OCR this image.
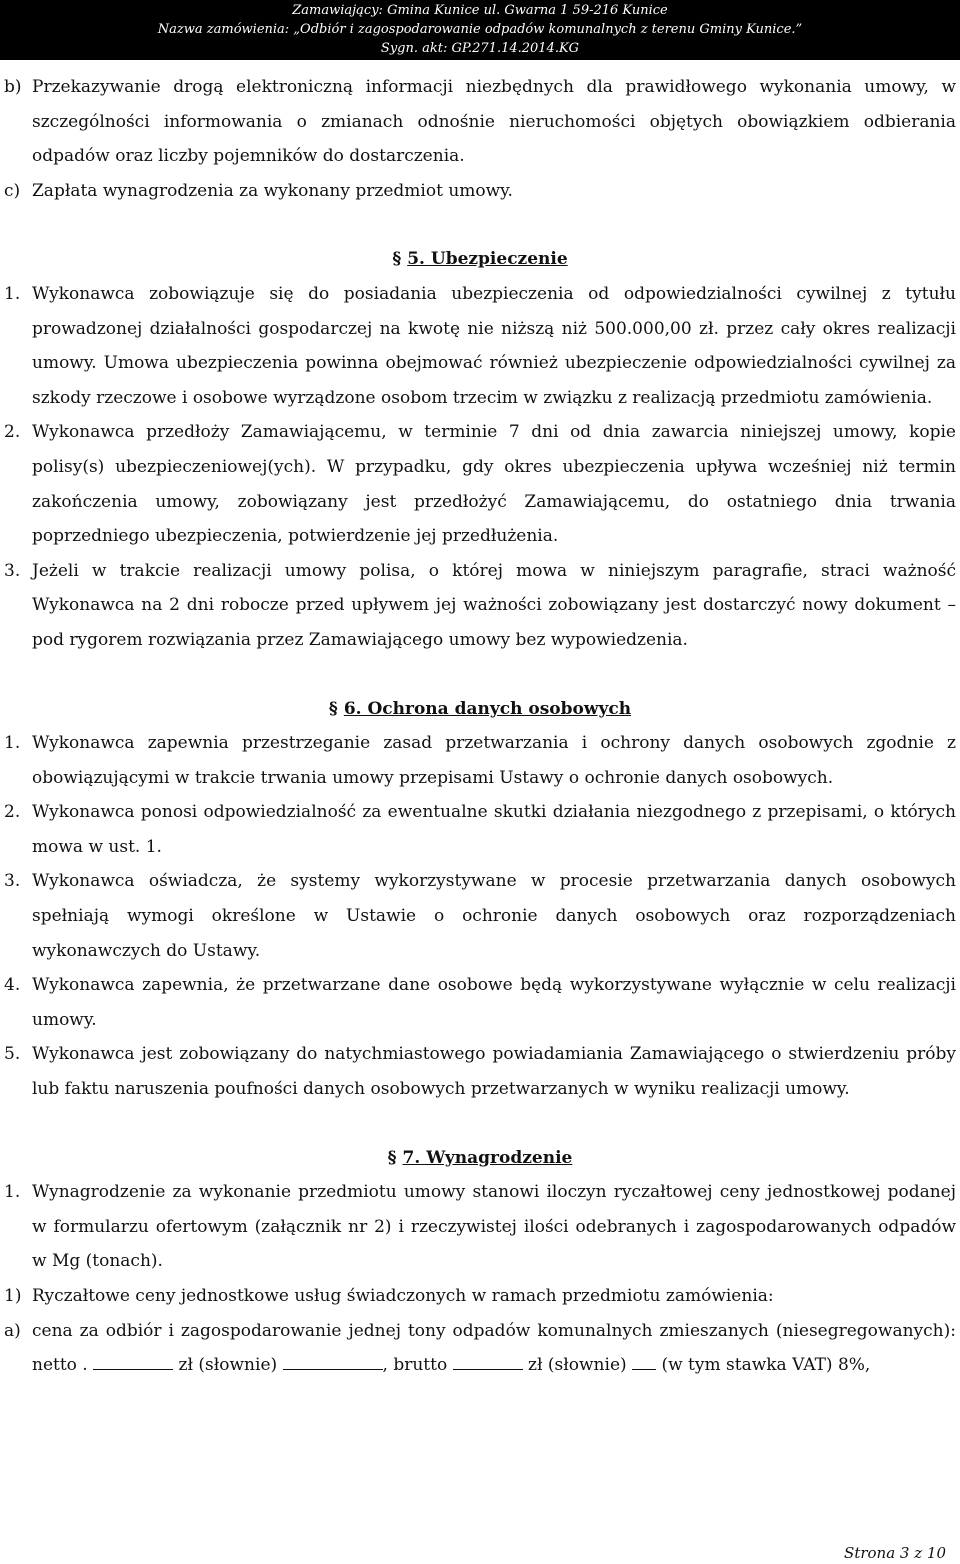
Zamawiający: Gmina Kunice ul. Gwarna 1 59-216 Kunice
Nazwa zamówienia: „Odbiór i zagospodarowanie odpadów komunalnych z terenu Gminy Kunice.”
Sygn. akt: GP.271.14.2014.KG
b) Przekazywanie drogą elektroniczną informacji niezbędnych dla prawidłowego wykonania umowy, w szczególności informowania o zmianach odnośnie nieruchomości objętych obowiązkiem odbierania odpadów oraz liczby pojemników do dostarczenia.
c) Zapłata wynagrodzenia za wykonany przedmiot umowy.
§ 5. Ubezpieczenie
1. Wykonawca zobowiązuje się do posiadania ubezpieczenia od odpowiedzialności cywilnej z tytułu prowadzonej działalności gospodarczej na kwotę nie niższą niż 500.000,00 zł. przez cały okres realizacji umowy. Umowa ubezpieczenia powinna obejmować również ubezpieczenie odpowiedzialności cywilnej za szkody rzeczowe i osobowe wyrządzone osobom trzecim w związku z realizacją przedmiotu zamówienia.
2. Wykonawca przedłoży Zamawiającemu, w terminie 7 dni od dnia zawarcia niniejszej umowy, kopie polisy(s) ubezpieczeniowej(ych). W przypadku, gdy okres ubezpieczenia upływa wcześniej niż termin zakończenia umowy, zobowiązany jest przedłożyć Zamawiającemu, do ostatniego dnia trwania poprzedniego ubezpieczenia, potwierdzenie jej przedłużenia.
3. Jeżeli w trakcie realizacji umowy polisa, o której mowa w niniejszym paragrafie, straci ważność Wykonawca na 2 dni robocze przed upływem jej ważności zobowiązany jest dostarczyć nowy dokument – pod rygorem rozwiązania przez Zamawiającego umowy bez wypowiedzenia.
§ 6. Ochrona danych osobowych
1. Wykonawca zapewnia przestrzeganie zasad przetwarzania i ochrony danych osobowych zgodnie z obowiązującymi w trakcie trwania umowy przepisami Ustawy o ochronie danych osobowych.
2. Wykonawca ponosi odpowiedzialność za ewentualne skutki działania niezgodnego z przepisami, o których mowa w ust. 1.
3. Wykonawca oświadcza, że systemy wykorzystywane w procesie przetwarzania danych osobowych spełniają wymogi określone w Ustawie o ochronie danych osobowych oraz rozporządzeniach wykonawczych do Ustawy.
4. Wykonawca zapewnia, że przetwarzane dane osobowe będą wykorzystywane wyłącznie w celu realizacji umowy.
5. Wykonawca jest zobowiązany do natychmiastowego powiadamiania Zamawiającego o stwierdzeniu próby lub faktu naruszenia poufności danych osobowych przetwarzanych w wyniku realizacji umowy.
§ 7. Wynagrodzenie
1. Wynagrodzenie za wykonanie przedmiotu umowy stanowi iloczyn ryczałtowej ceny jednostkowej podanej w formularzu ofertowym (załącznik nr 2) i rzeczywistej ilości odebranych i zagospodarowanych odpadów w Mg (tonach).
1) Ryczałtowe ceny jednostkowe usług świadczonych w ramach przedmiotu zamówienia:
a) cena za odbiór i zagospodarowanie jednej tony odpadów komunalnych zmieszanych (niesegregowanych): netto .	zł (słownie)	, brutto	zł (słownie) (w tym stawka VAT) 8%,
Strona 3 z 10
